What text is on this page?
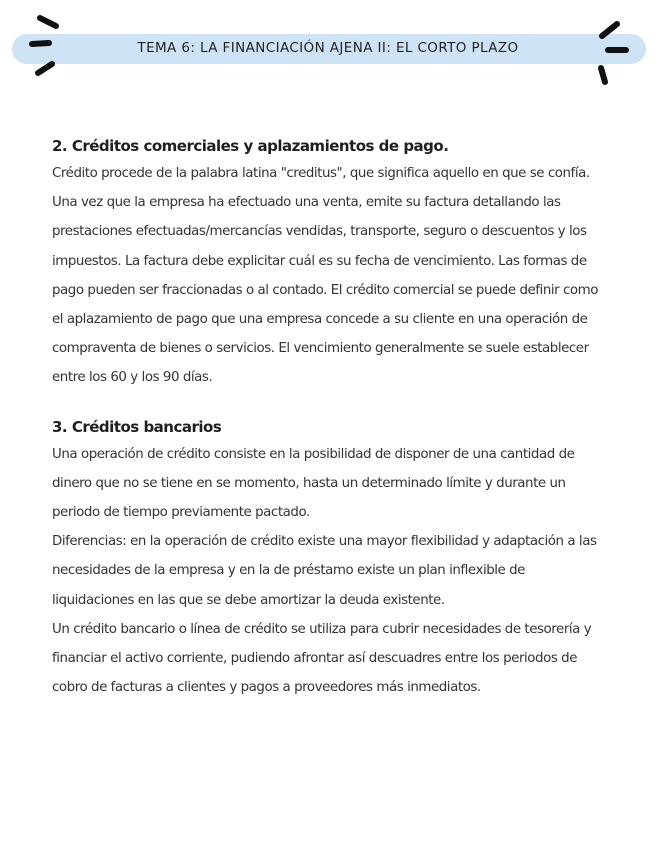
TEMA 6: LA FINANCIACIÓN AJENA II: EL CORTO PLAZO

2. Créditos comerciales y aplazamientos de pago.

Crédito procede de la palabra latina "creditus", que significa aquello en que se confía.

Una vez que la empresa ha efectuado una venta, emite su factura detallando las prestaciones efectuadas/mercancías vendidas, transporte, seguro o descuentos y los impuestos. La factura debe explicitar cuál es su fecha de vencimiento. Las formas de pago pueden ser fraccionadas o al contado. El crédito comercial se puede definir como el aplazamiento de pago que una empresa concede a su cliente en una operación de compraventa de bienes o servicios. El vencimiento generalmente se suele establecer entre los 60 y los 90 días.

3. Créditos bancarios

Una operación de crédito consiste en la posibilidad de disponer de una cantidad de dinero que no se tiene en se momento, hasta un determinado límite y durante un periodo de tiempo previamente pactado.

Diferencias: en la operación de crédito existe una mayor flexibilidad y adaptación a las necesidades de la empresa y en la de préstamo existe un plan inflexible de liquidaciones en las que se debe amortizar la deuda existente.

Un crédito bancario o línea de crédito se utiliza para cubrir necesidades de tesorería y financiar el activo corriente, pudiendo afrontar así descuadres entre los periodos de cobro de facturas a clientes y pagos a proveedores más inmediatos.
